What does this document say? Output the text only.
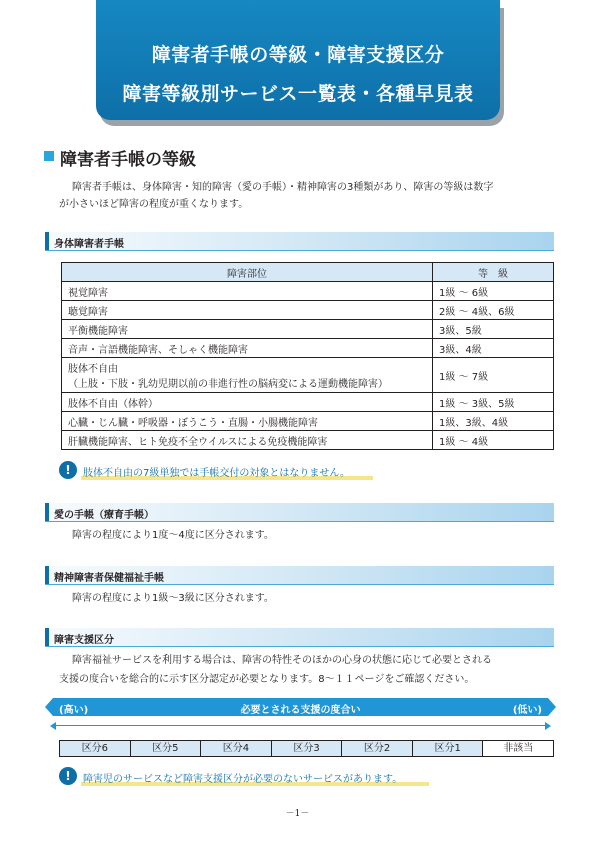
障害者手帳の等級・障害支援区分
障害等級別サービス一覧表・各種早見表
障害者手帳の等級
障害者手帳は、身体障害・知的障害（愛の手帳）・精神障害の3種類があり、障害の等級は数字
が小さいほど障害の程度が重くなります。
身体障害者手帳
障害部位	等　級
視覚障害	1級 ～ 6級
聴覚障害	2級 ～ 4級、6級
平衡機能障害	3級、5級
音声・言語機能障害、そしゃく機能障害	3級、4級

肢体不自由
（上肢・下肢・乳幼児期以前の非進行性の脳病変による運動機能障害）	1級 ～ 7級
肢体不自由（体幹）	1級 ～ 3級、5級
心臓・じん臓・呼吸器・ぼうこう・直腸・小腸機能障害	1級、3級、4級
肝臓機能障害、ヒト免疫不全ウイルスによる免疫機能障害	1級 ～ 4級
!	肢体不自由の7級単独では手帳交付の対象とはなりません。
愛の手帳（療育手帳）
障害の程度により1度～4度に区分されます。
精神障害者保健福祉手帳
障害の程度により1級～3級に区分されます。
障害支援区分
障害福祉サービスを利用する場合は、障害の特性そのほかの心身の状態に応じて必要とされる
支援の度合いを総合的に示す区分認定が必要となります。8～１１ページをご確認ください。
(高い)	必要とされる支援の度合い	(低い)
区分6	区分5	区分4	区分3	区分2	区分1	非該当
!	障害児のサービスなど障害支援区分が必要のないサービスがあります。
－1－
